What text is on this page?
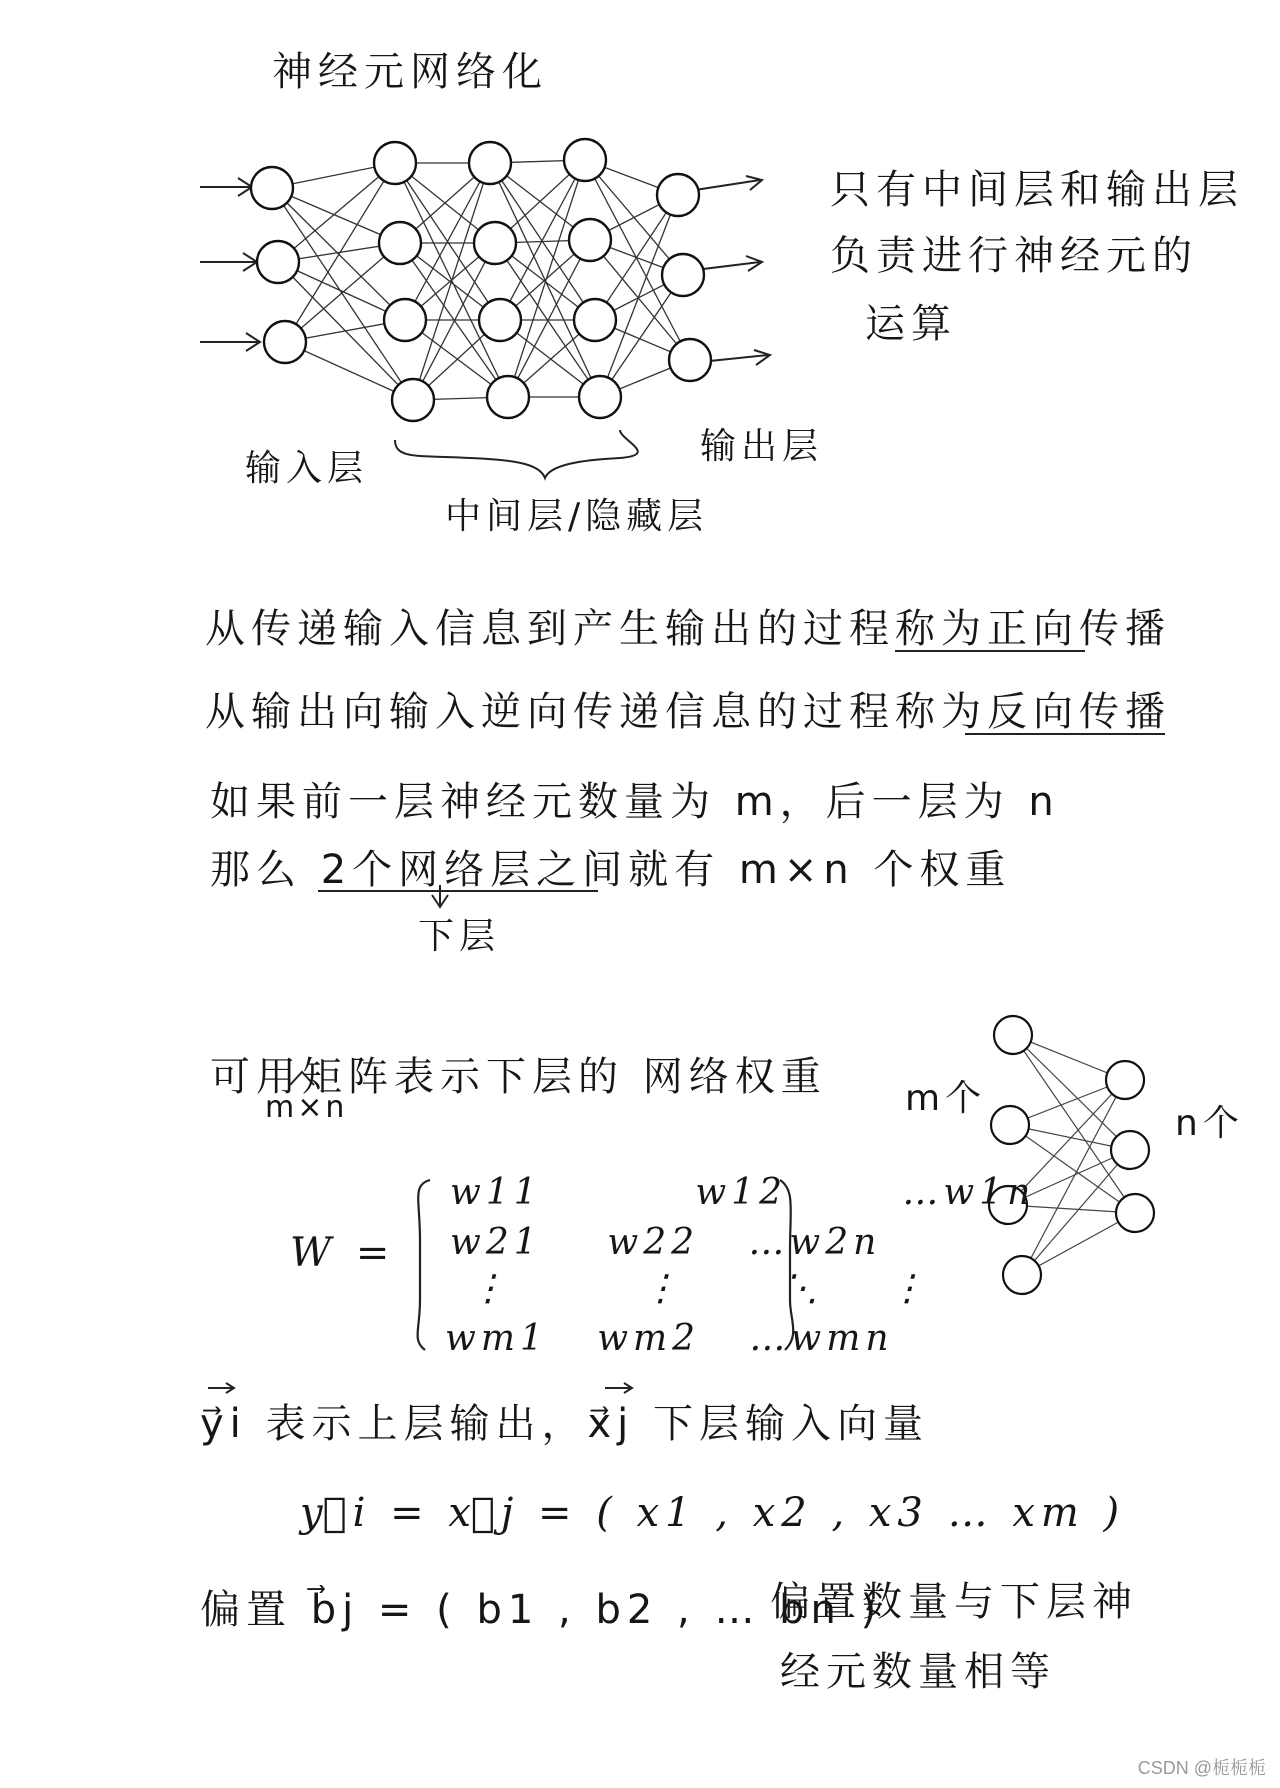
神经元网络化
输入层
中间层/隐藏层
输出层
只有中间层和输出层
负责进行神经元的
运算
从传递输入信息到产生输出的过程称为正向传播
从输出向输入逆向传递信息的过程称为反向传播
如果前一层神经元数量为 m，后一层为 n
那么 2个网络层之间就有 m×n 个权重
下层
可用矩阵表示下层的 网络权重
m×n	m个
n个
W =
w11	w12	…w1n
w21 w22 …w2n
⋮	⋮	⋱ ⋮
wm1 wm2 …wmn
y⃗i 表示上层输出，x⃗j 下层输入向量
y⃗i = x⃗j = ( x1 , x2 , x3 … xm )
偏置 b⃗j = ( b1 , b2 , … bn )
偏置数量与下层神
经元数量相等
CSDN @栀栀栀
